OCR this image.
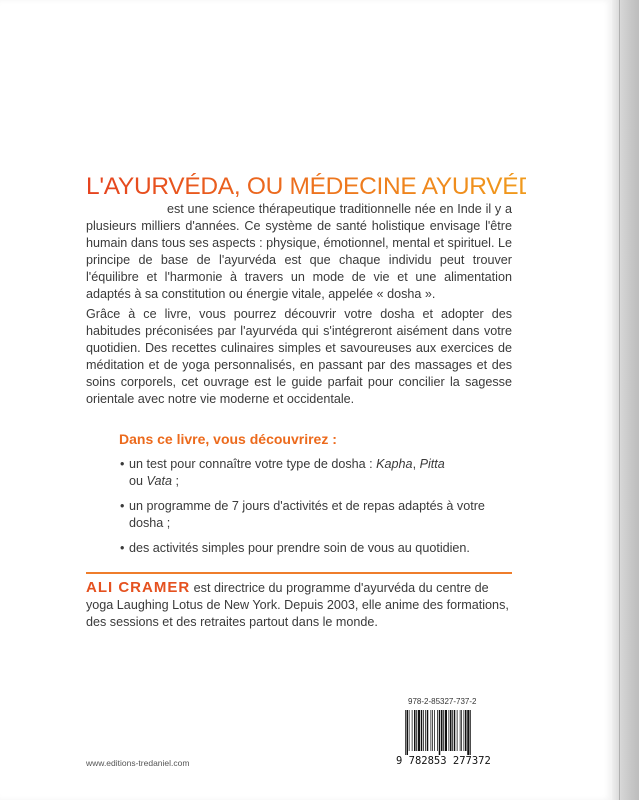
L'AYURVÉDA, OU MÉDECINE AYURVÉDIQUE,

est une science thérapeutique traditionnelle née en Inde il y a plusieurs milliers d'années. Ce système de santé holistique envisage l'être humain dans tous ses aspects : physique, émotionnel, mental et spirituel. Le principe de base de l'ayurvéda est que chaque individu peut trouver l'équilibre et l'harmonie à travers un mode de vie et une alimentation adaptés à sa constitution ou énergie vitale, appelée « dosha ».

Grâce à ce livre, vous pourrez découvrir votre dosha et adopter des habitudes préconisées par l'ayurvéda qui s'intégreront aisément dans votre quotidien. Des recettes culinaires simples et savoureuses aux exercices de méditation et de yoga personnalisés, en passant par des massages et des soins corporels, cet ouvrage est le guide parfait pour concilier la sagesse orientale avec notre vie moderne et occidentale.

Dans ce livre, vous découvrirez :
• un test pour connaître votre type de dosha : Kapha, Pitta
ou Vata ;
• un programme de 7 jours d'activités et de repas adaptés à votre dosha ;
• des activités simples pour prendre soin de vous au quotidien.

ALI CRAMER est directrice du programme d'ayurvéda du centre de yoga Laughing Lotus de New York. Depuis 2003, elle anime des formations, des sessions et des retraites partout dans le monde.

978-2-85327-737-2
9 782853 277372
www.editions-tredaniel.com
